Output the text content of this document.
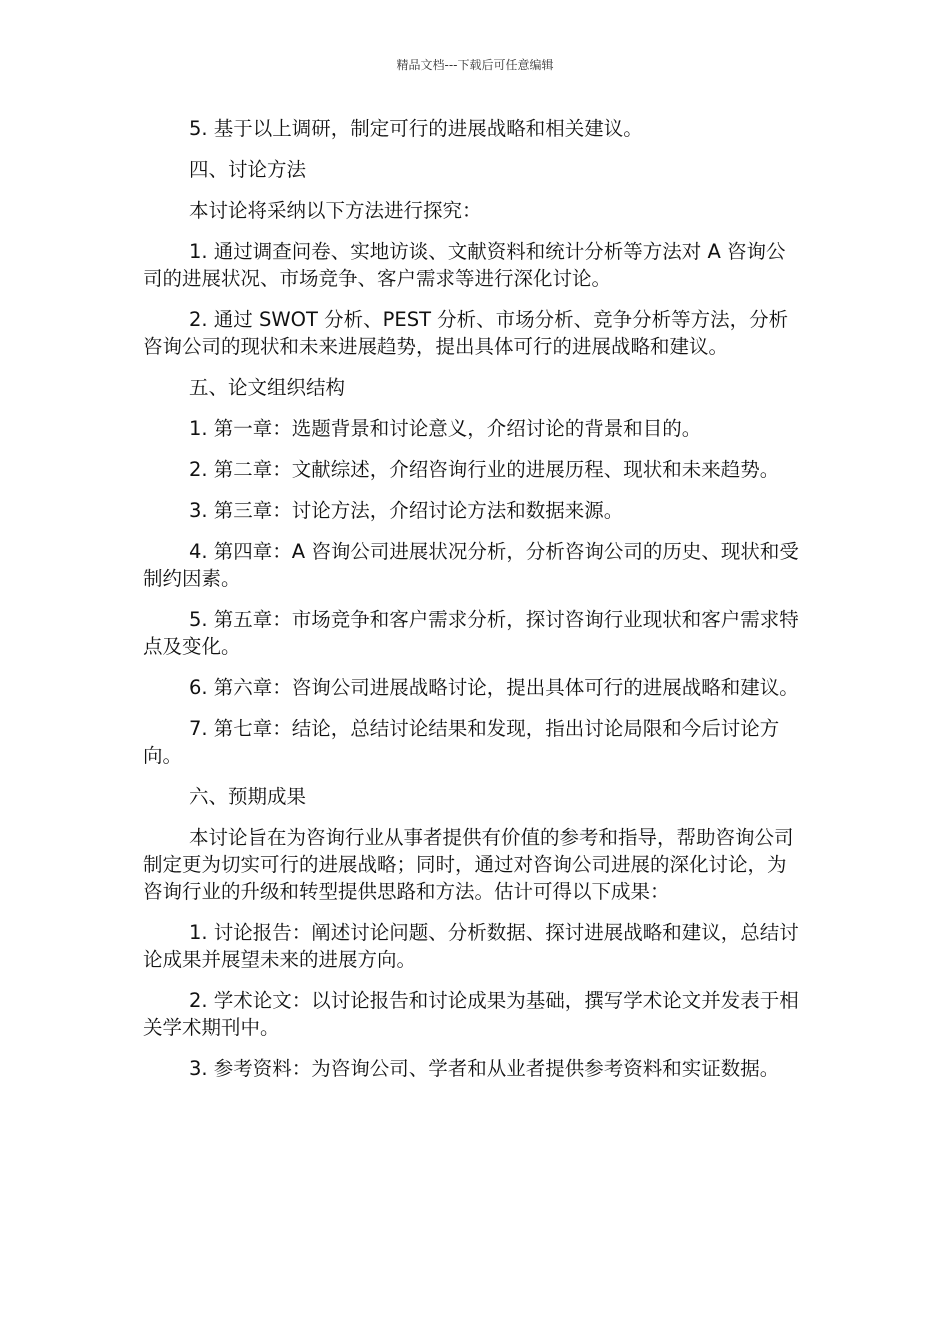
精品文档---下载后可任意编辑

5. 基于以上调研，制定可行的进展战略和相关建议。

四、讨论方法

本讨论将采纳以下方法进行探究：

1. 通过调查问卷、实地访谈、文献资料和统计分析等方法对 A 咨询公司的进展状况、市场竞争、客户需求等进行深化讨论。

2. 通过 SWOT 分析、PEST 分析、市场分析、竞争分析等方法，分析咨询公司的现状和未来进展趋势，提出具体可行的进展战略和建议。

五、论文组织结构

1. 第一章：选题背景和讨论意义，介绍讨论的背景和目的。

2. 第二章：文献综述，介绍咨询行业的进展历程、现状和未来趋势。

3. 第三章：讨论方法，介绍讨论方法和数据来源。

4. 第四章：A 咨询公司进展状况分析，分析咨询公司的历史、现状和受制约因素。

5. 第五章：市场竞争和客户需求分析，探讨咨询行业现状和客户需求特点及变化。

6. 第六章：咨询公司进展战略讨论，提出具体可行的进展战略和建议。

7. 第七章：结论，总结讨论结果和发现，指出讨论局限和今后讨论方向。

六、预期成果

本讨论旨在为咨询行业从事者提供有价值的参考和指导，帮助咨询公司制定更为切实可行的进展战略；同时，通过对咨询公司进展的深化讨论，为咨询行业的升级和转型提供思路和方法。估计可得以下成果：

1. 讨论报告：阐述讨论问题、分析数据、探讨进展战略和建议，总结讨论成果并展望未来的进展方向。

2. 学术论文：以讨论报告和讨论成果为基础，撰写学术论文并发表于相关学术期刊中。

3. 参考资料：为咨询公司、学者和从业者提供参考资料和实证数据。
